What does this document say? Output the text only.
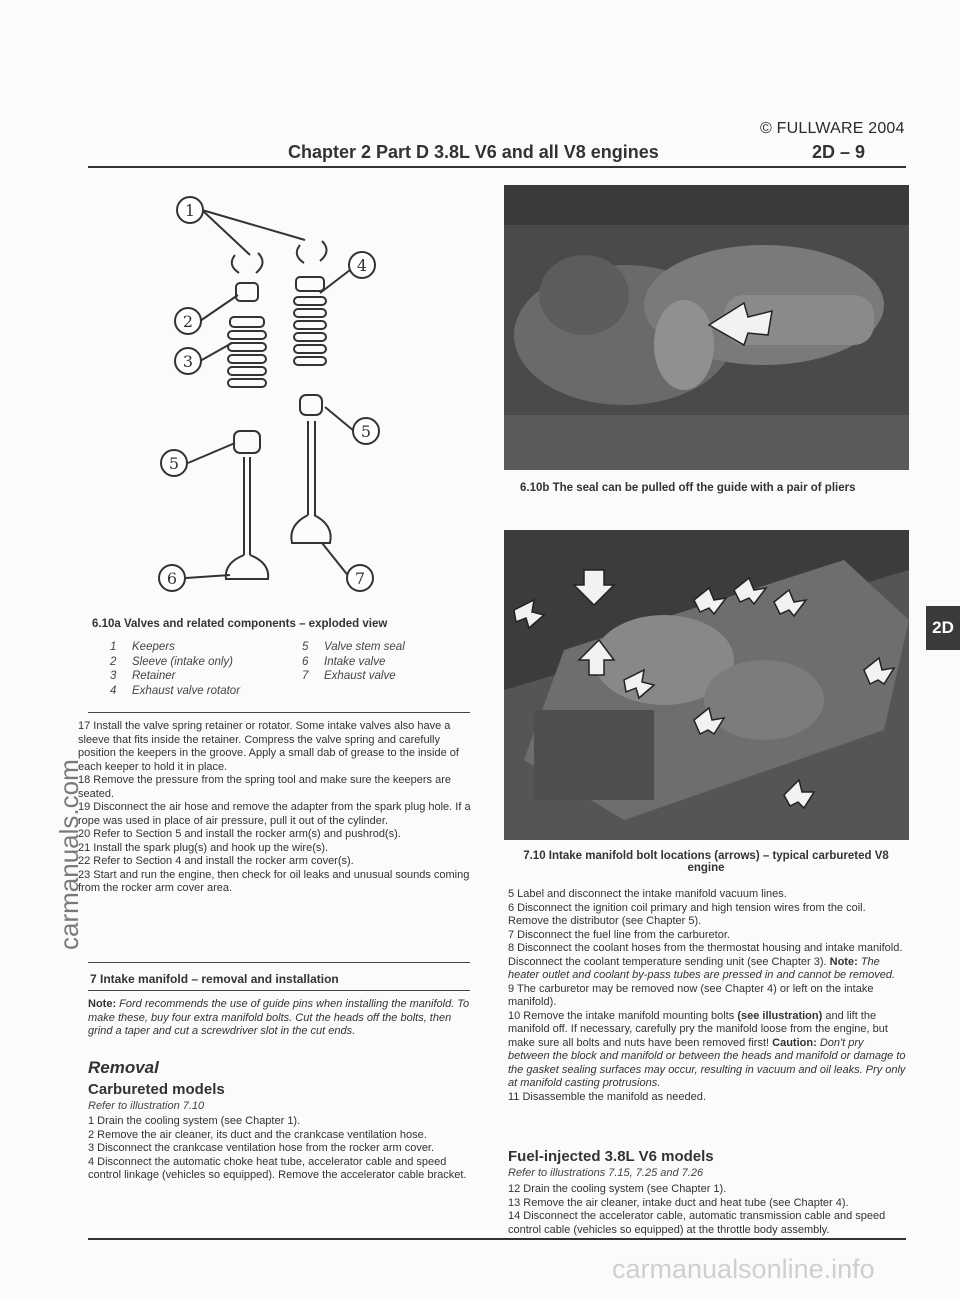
© FULLWARE 2004
Chapter 2 Part D 3.8L V6 and all V8 engines	2D – 9
2D
1
2
3
4
5
5
6	7
6.10a Valves and related components – exploded view
1 Keepers
2 Sleeve (intake only)
3 Retainer
4 Exhaust valve rotator
5 Valve stem seal
6 Intake valve
7 Exhaust valve

17 Install the valve spring retainer or rotator. Some intake valves also have a sleeve that fits inside the retainer. Compress the valve spring and carefully position the keepers in the groove. Apply a small dab of grease to the inside of each keeper to hold it in place.

18 Remove the pressure from the spring tool and make sure the keepers are seated.

19 Disconnect the air hose and remove the adapter from the spark plug hole. If a rope was used in place of air pressure, pull it out of the cylinder.

20 Refer to Section 5 and install the rocker arm(s) and pushrod(s).

21 Install the spark plug(s) and hook up the wire(s).

22 Refer to Section 4 and install the rocker arm cover(s).

23 Start and run the engine, then check for oil leaks and unusual sounds coming from the rocker arm cover area.

7 Intake manifold – removal and installation

Note: Ford recommends the use of guide pins when installing the manifold. To make these, buy four extra manifold bolts. Cut the heads off the bolts, then grind a taper and cut a screwdriver slot in the cut ends.

Removal
Carbureted models
Refer to illustration 7.10

1 Drain the cooling system (see Chapter 1).

2 Remove the air cleaner, its duct and the crankcase ventilation hose.

3 Disconnect the crankcase ventilation hose from the rocker arm cover.

4 Disconnect the automatic choke heat tube, accelerator cable and speed control linkage (vehicles so equipped). Remove the accelerator cable bracket.

6.10b The seal can be pulled off the guide with a pair of pliers
7.10 Intake manifold bolt locations (arrows) – typical carbureted V8 engine

5 Label and disconnect the intake manifold vacuum lines.

6 Disconnect the ignition coil primary and high tension wires from the coil. Remove the distributor (see Chapter 5).

7 Disconnect the fuel line from the carburetor.

8 Disconnect the coolant hoses from the thermostat housing and intake manifold. Disconnect the coolant temperature sending unit (see Chapter 3). Note: The heater outlet and coolant by-pass tubes are pressed in and cannot be removed.

9 The carburetor may be removed now (see Chapter 4) or left on the intake manifold).

10 Remove the intake manifold mounting bolts (see illustration) and lift the manifold off. If necessary, carefully pry the manifold loose from the engine, but make sure all bolts and nuts have been removed first! Caution: Don't pry between the block and manifold or between the heads and manifold or damage to the gasket sealing surfaces may occur, resulting in vacuum and oil leaks. Pry only at manifold casting protrusions.

11 Disassemble the manifold as needed.

Fuel-injected 3.8L V6 models
Refer to illustrations 7.15, 7.25 and 7.26

12 Drain the cooling system (see Chapter 1).

13 Remove the air cleaner, intake duct and heat tube (see Chapter 4).

14 Disconnect the accelerator cable, automatic transmission cable and speed control cable (vehicles so equipped) at the throttle body assembly.

carmanuals.com
carmanualsonline.info
